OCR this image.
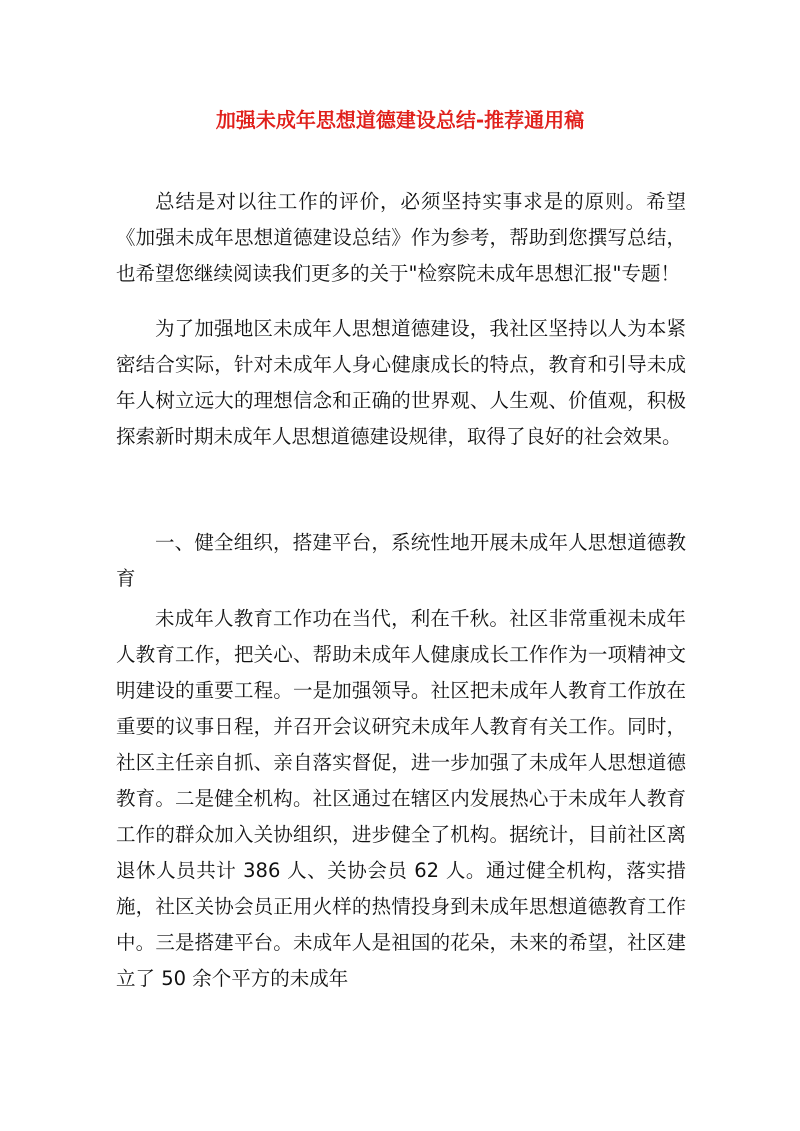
加强未成年思想道德建设总结-推荐通用稿

总结是对以往工作的评价，必须坚持实事求是的原则。希望《加强未成年思想道德建设总结》作为参考，帮助到您撰写总结，也希望您继续阅读我们更多的关于"检察院未成年思想汇报"专题！

为了加强地区未成年人思想道德建设，我社区坚持以人为本紧密结合实际，针对未成年人身心健康成长的特点，教育和引导未成年人树立远大的理想信念和正确的世界观、人生观、价值观，积极探索新时期未成年人思想道德建设规律，取得了良好的社会效果。

一、健全组织，搭建平台，系统性地开展未成年人思想道德教育

未成年人教育工作功在当代，利在千秋。社区非常重视未成年人教育工作，把关心、帮助未成年人健康成长工作作为一项精神文明建设的重要工程。一是加强领导。社区把未成年人教育工作放在重要的议事日程，并召开会议研究未成年人教育有关工作。同时，社区主任亲自抓、亲自落实督促，进一步加强了未成年人思想道德教育。二是健全机构。社区通过在辖区内发展热心于未成年人教育工作的群众加入关协组织，进步健全了机构。据统计，目前社区离退休人员共计 386 人、关协会员 62 人。通过健全机构，落实措施，社区关协会员正用火样的热情投身到未成年思想道德教育工作中。三是搭建平台。未成年人是祖国的花朵，未来的希望，社区建立了 50 余个平方的未成年
